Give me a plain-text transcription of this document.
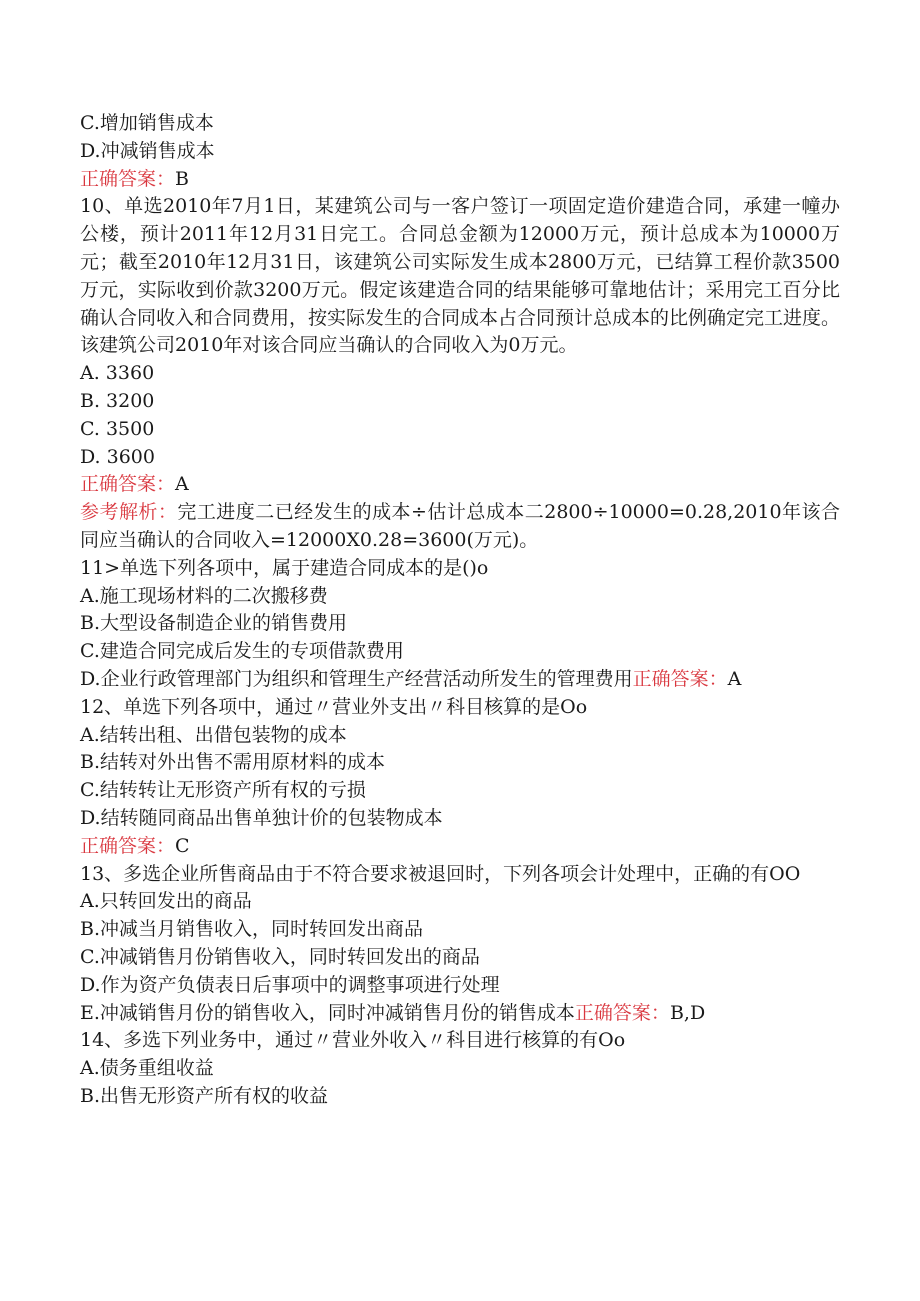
C.增加销售成本
D.冲减销售成本
正确答案：B
10、单选2010年7月1日，某建筑公司与一客户签订一项固定造价建造合同，承建一幢办公楼，预计2011年12月31日完工。合同总金额为12000万元，预计总成本为10000万元；截至2010年12月31日，该建筑公司实际发生成本2800万元，已结算工程价款3500万元，实际收到价款3200万元。假定该建造合同的结果能够可靠地估计；采用完工百分比确认合同收入和合同费用，按实际发生的合同成本占合同预计总成本的比例确定完工进度。该建筑公司2010年对该合同应当确认的合同收入为0万元。
A. 3360
B. 3200
C. 3500
D. 3600
正确答案：A
参考解析：完工进度二已经发生的成本÷估计总成本二2800÷10000=0.28,2010年该合同应当确认的合同收入=12000X0.28=3600(万元)。
11>单选下列各项中，属于建造合同成本的是()o
A.施工现场材料的二次搬移费
B.大型设备制造企业的销售费用
C.建造合同完成后发生的专项借款费用
D.企业行政管理部门为组织和管理生产经营活动所发生的管理费用正确答案：A
12、单选下列各项中，通过〃营业外支出〃科目核算的是Oo
A.结转出租、出借包装物的成本
B.结转对外出售不需用原材料的成本
C.结转转让无形资产所有权的亏损
D.结转随同商品出售单独计价的包装物成本
正确答案：C
13、多选企业所售商品由于不符合要求被退回时，下列各项会计处理中，正确的有OO
A.只转回发出的商品
B.冲减当月销售收入，同时转回发出商品
C.冲减销售月份销售收入，同时转回发出的商品
D.作为资产负债表日后事项中的调整事项进行处理
E.冲减销售月份的销售收入，同时冲减销售月份的销售成本正确答案：B,D
14、多选下列业务中，通过〃营业外收入〃科目进行核算的有Oo
A.债务重组收益
B.出售无形资产所有权的收益
